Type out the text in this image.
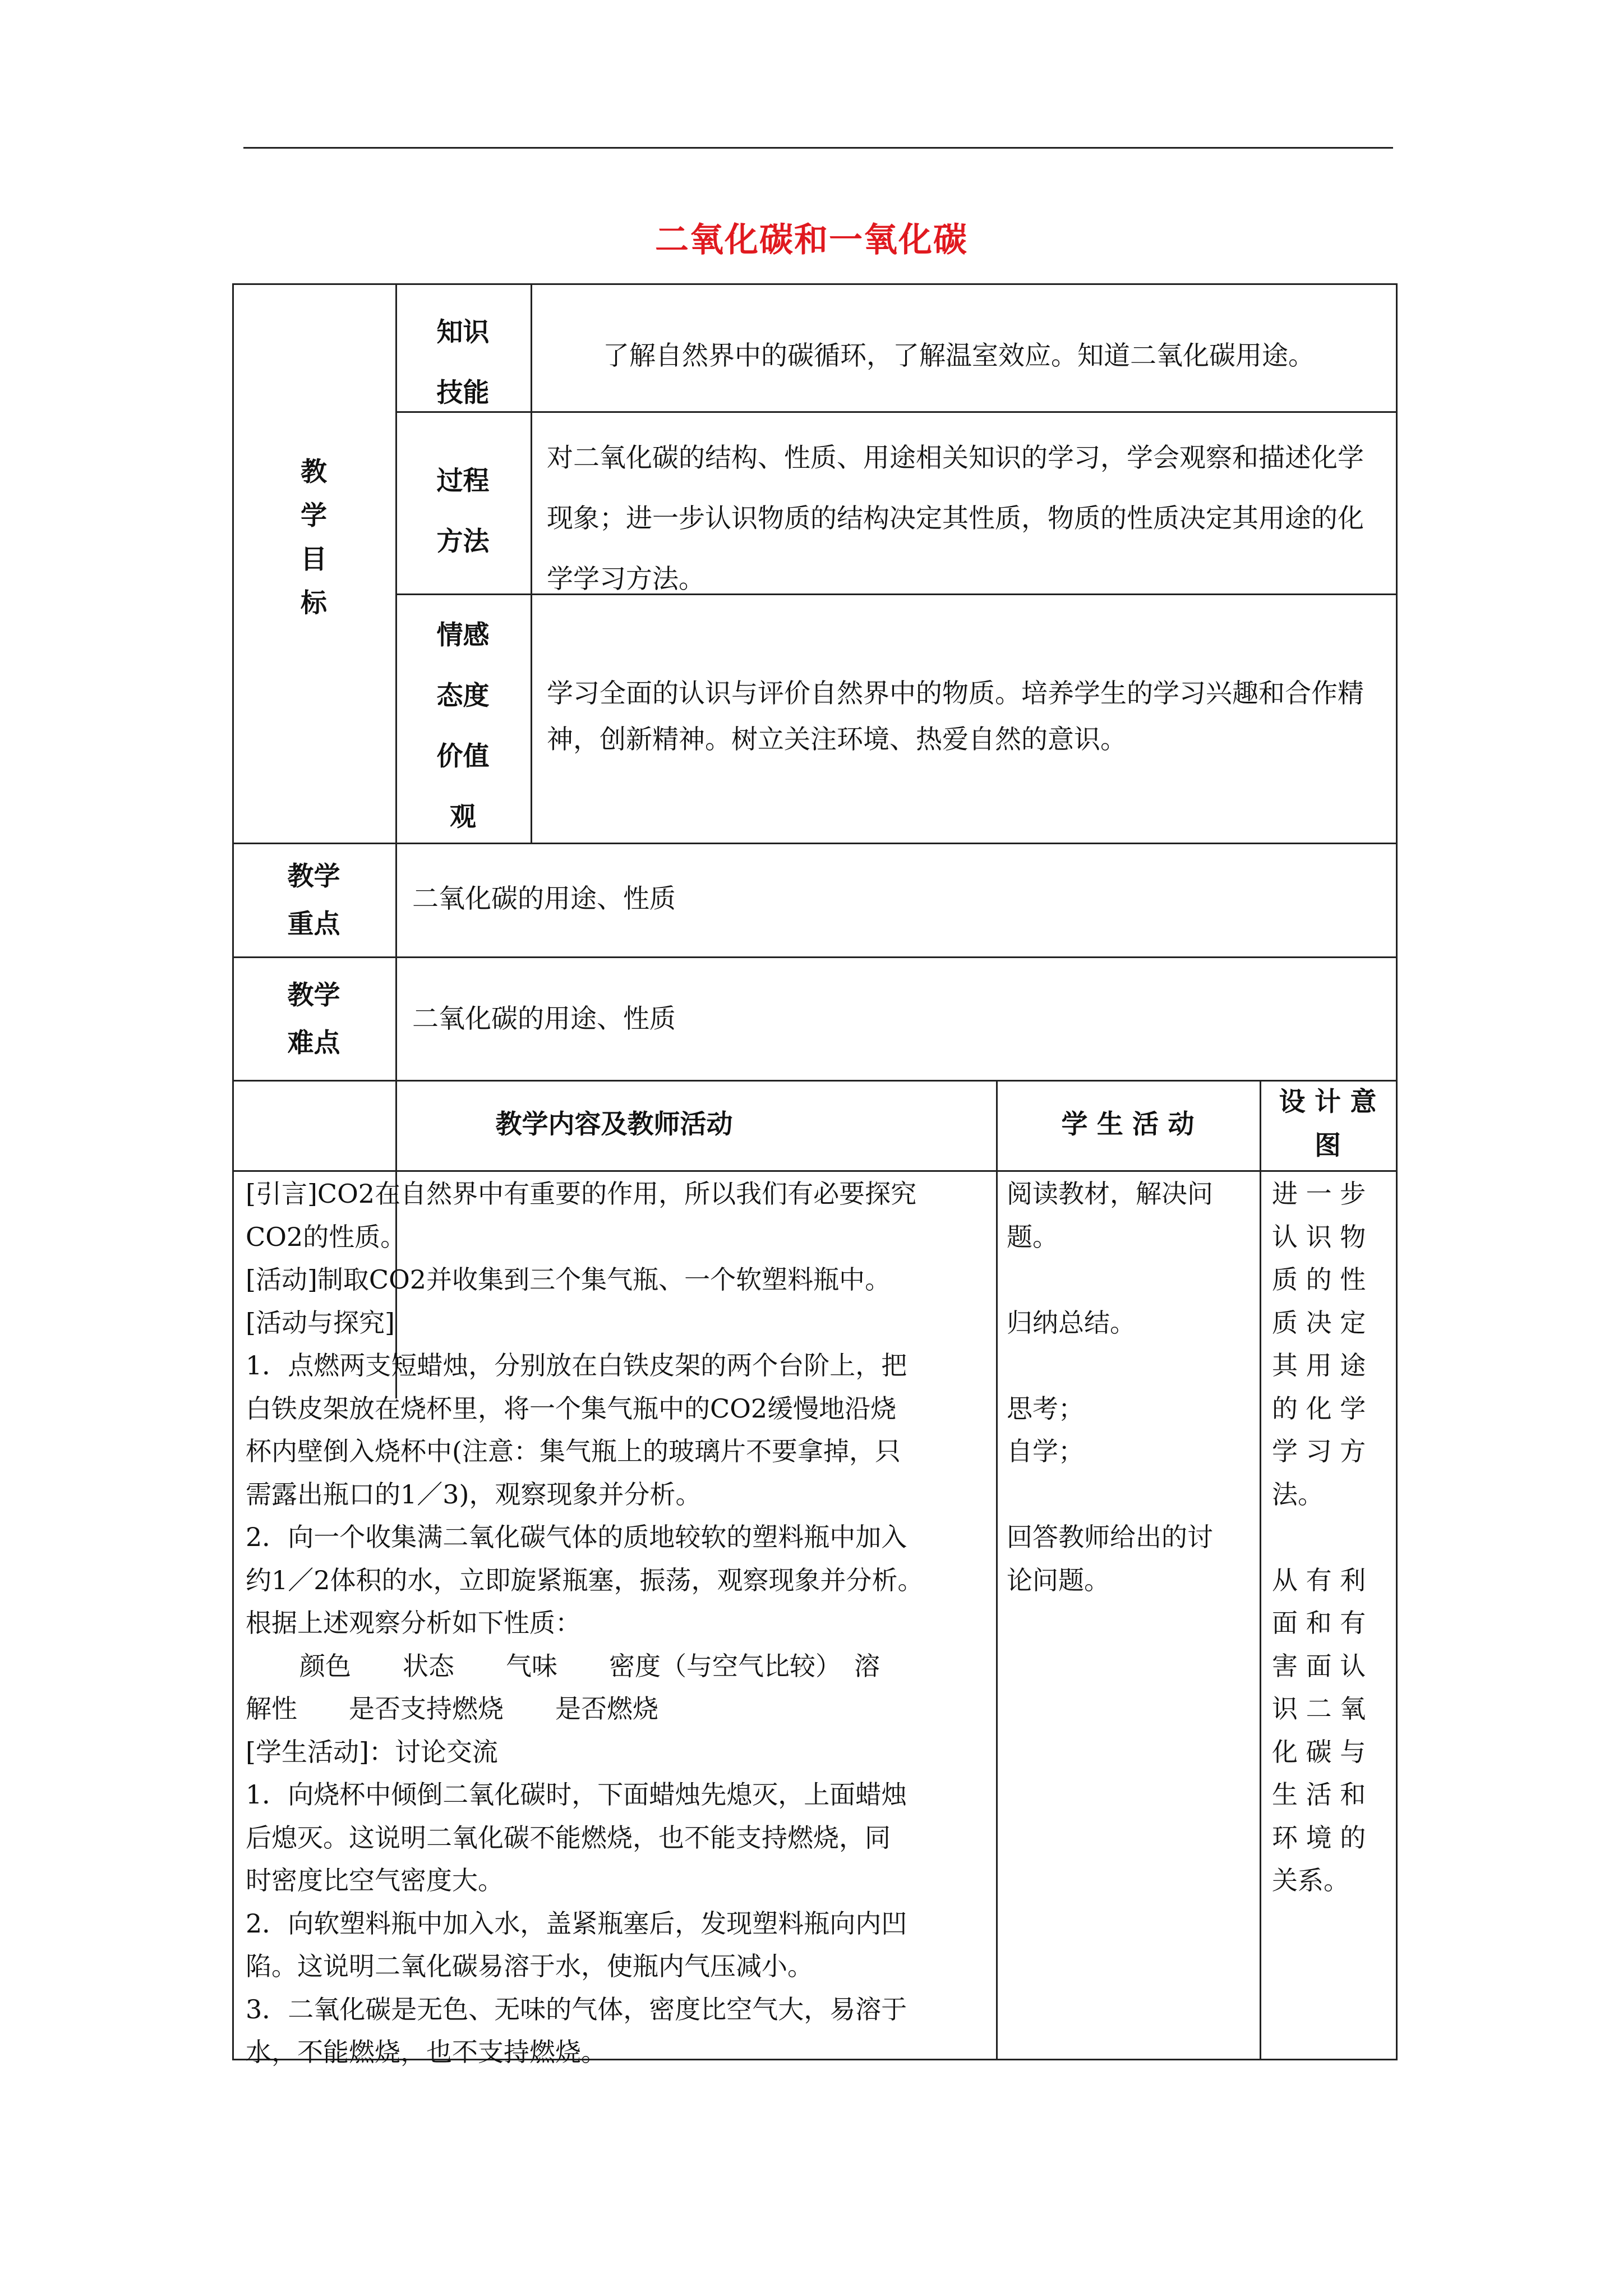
二氧化碳和一氧化碳
教
学
目
标
知识
技能
了解自然界中的碳循环，了解温室效应。知道二氧化碳用途。
过程
方法
对二氧化碳的结构、性质、用途相关知识的学习，学会观察和描述化学现象；进一步认识物质的结构决定其性质，物质的性质决定其用途的化学学习方法。
情感
态度
价值
观
学习全面的认识与评价自然界中的物质。培养学生的学习兴趣和合作精神，创新精神。树立关注环境、热爱自然的意识。
教学
重点
二氧化碳的用途、性质
教学
难点
二氧化碳的用途、性质
教学内容及教师活动	学 生 活 动
设 计 意
图
[引言]CO2在自然界中有重要的作用，所以我们有必要探究
CO2的性质。
[活动]制取CO2并收集到三个集气瓶、一个软塑料瓶中。
[活动与探究]
1．点燃两支短蜡烛，分别放在白铁皮架的两个台阶上，把
白铁皮架放在烧杯里，将一个集气瓶中的CO2缓慢地沿烧
杯内壁倒入烧杯中(注意：集气瓶上的玻璃片不要拿掉，只
需露出瓶口的1／3)，观察现象并分析。
2．向一个收集满二氧化碳气体的质地较软的塑料瓶中加入
约1／2体积的水，立即旋紧瓶塞，振荡，观察现象并分析。
根据上述观察分析如下性质：
颜色　　状态　　气味　　密度（与空气比较）　溶
解性　　是否支持燃烧　　是否燃烧
[学生活动]：讨论交流
1．向烧杯中倾倒二氧化碳时，下面蜡烛先熄灭，上面蜡烛
后熄灭。这说明二氧化碳不能燃烧，也不能支持燃烧，同
时密度比空气密度大。
2．向软塑料瓶中加入水，盖紧瓶塞后，发现塑料瓶向内凹
陷。这说明二氧化碳易溶于水，使瓶内气压减小。
3．二氧化碳是无色、无味的气体，密度比空气大，易溶于
水，不能燃烧，也不支持燃烧。
阅读教材，解决问
题。
归纳总结。
思考；
自学；
回答教师给出的讨
论问题。
进 一 步
认 识 物
质 的 性
质 决 定
其 用 途
的 化 学
学 习 方
法。
从 有 利
面 和 有
害 面 认
识 二 氧
化 碳 与
生 活 和
环 境 的
关系。
